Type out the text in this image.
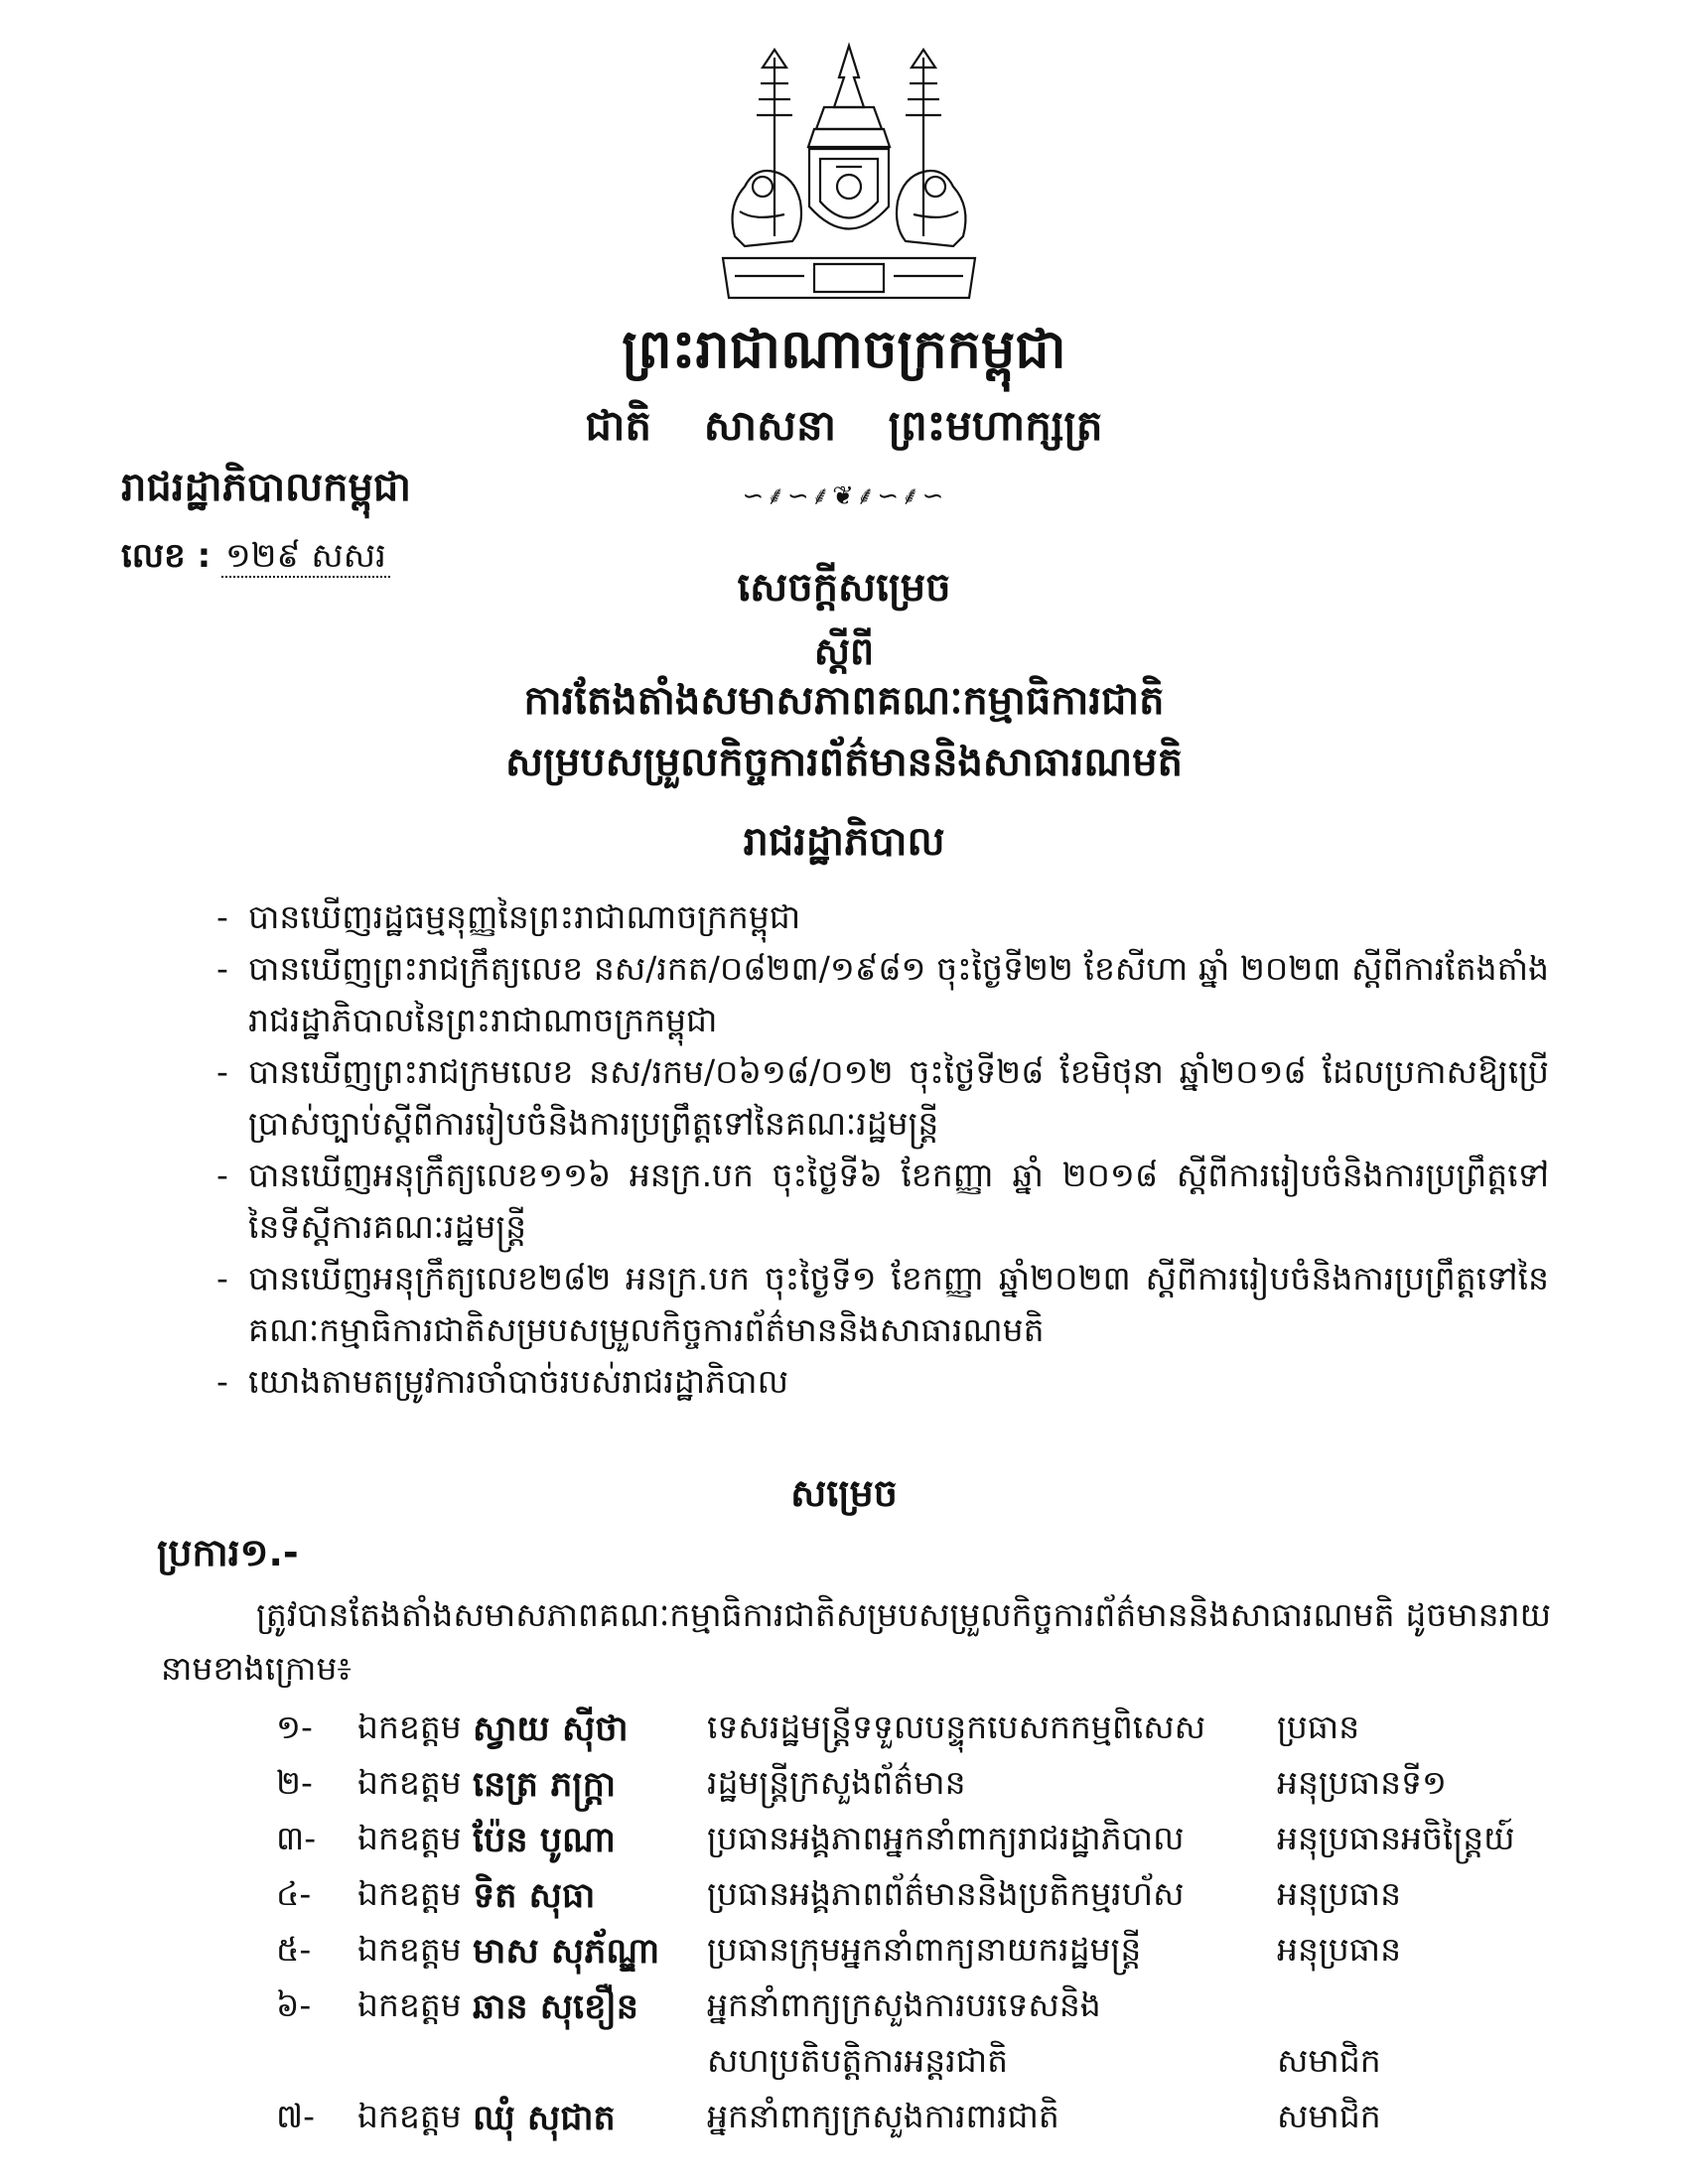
ព្រះរាជាណាចក្រកម្ពុជា
ជាតិ សាសនា ព្រះមហាក្សត្រ
∽⸙∽⸙❦⸙∽⸙∽
រាជរដ្ឋាភិបាលកម្ពុជា
លេខ : ១២៩ សសរ
សេចក្តីសម្រេច
ស្តីពី
ការតែងតាំងសមាសភាពគណៈកម្មាធិការជាតិ
សម្របសម្រួលកិច្ចការព័ត៌មាននិងសាធារណមតិ
រាជរដ្ឋាភិបាល
- បានឃើញរដ្ឋធម្មនុញ្ញនៃព្រះរាជាណាចក្រកម្ពុជា
- បានឃើញព្រះរាជក្រឹត្យលេខ នស/រកត/០៨២៣/១៩៨១ ចុះថ្ងៃទី២២ ខែសីហា ឆ្នាំ ២០២៣ ស្តីពីការតែងតាំងរាជរដ្ឋាភិបាលនៃព្រះរាជាណាចក្រកម្ពុជា
- បានឃើញព្រះរាជក្រមលេខ នស/រកម/០៦១៨/០១២ ចុះថ្ងៃទី២៨ ខែមិថុនា ឆ្នាំ២០១៨ ដែលប្រកាសឱ្យប្រើប្រាស់ច្បាប់ស្តីពីការរៀបចំនិងការប្រព្រឹត្តទៅនៃគណៈរដ្ឋមន្ត្រី
- បានឃើញអនុក្រឹត្យលេខ១១៦ អនក្រ.បក ចុះថ្ងៃទី៦ ខែកញ្ញា ឆ្នាំ ២០១៨ ស្តីពីការរៀបចំនិងការប្រព្រឹត្តទៅនៃទីស្តីការគណៈរដ្ឋមន្ត្រី
- បានឃើញអនុក្រឹត្យលេខ២៨២ អនក្រ.បក ចុះថ្ងៃទី១ ខែកញ្ញា ឆ្នាំ២០២៣ ស្តីពីការរៀបចំនិងការប្រព្រឹត្តទៅនៃគណៈកម្មាធិការជាតិសម្របសម្រួលកិច្ចការព័ត៌មាននិងសាធារណមតិ
- យោងតាមតម្រូវការចាំបាច់របស់រាជរដ្ឋាភិបាល
សម្រេច
ប្រការ១.-
ត្រូវបានតែងតាំងសមាសភាពគណៈកម្មាធិការជាតិសម្របសម្រួលកិច្ចការព័ត៌មាននិងសាធារណមតិ ដូចមានរាយនាមខាងក្រោម៖
១- ឯកឧត្តម ស្វាយ ស៊ីថា ទេសរដ្ឋមន្ត្រីទទួលបន្ទុកបេសកកម្មពិសេស ប្រធាន
២- ឯកឧត្តម នេត្រ ភក្ត្រា	រដ្ឋមន្ត្រីក្រសួងព័ត៌មាន	អនុប្រធានទី១
៣- ឯកឧត្តម ប៉ែន បូណា	ប្រធានអង្គភាពអ្នកនាំពាក្យរាជរដ្ឋាភិបាល	អនុប្រធានអចិន្ត្រៃយ៍
៤- ឯកឧត្តម ទិត សុធា	ប្រធានអង្គភាពព័ត៌មាននិងប្រតិកម្មរហ័ស	អនុប្រធាន
៥- ឯកឧត្តម មាស សុភ័ណ្ឌា ប្រធានក្រុមអ្នកនាំពាក្យនាយករដ្ឋមន្ត្រី	អនុប្រធាន
៦- ឯកឧត្តម ឆាន សុខឿន អ្នកនាំពាក្យក្រសួងការបរទេសនិង
សហប្រតិបត្តិការអន្តរជាតិ	សមាជិក
៧- ឯកឧត្តម ឈុំ សុជាត	អ្នកនាំពាក្យក្រសួងការពារជាតិ	សមាជិក
